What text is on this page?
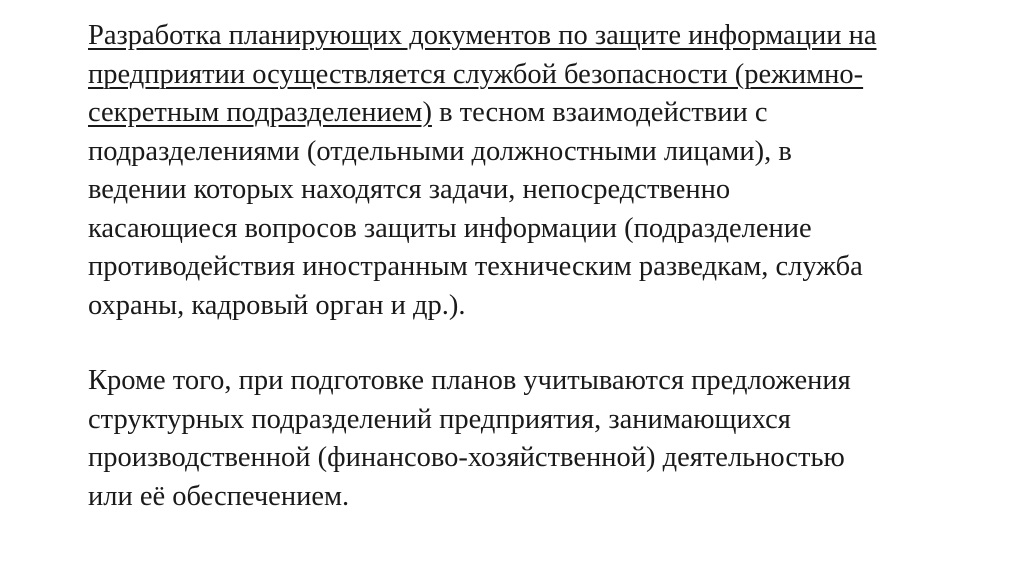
Разработка планирующих документов по защите информации на
предприятии осуществляется службой безопасности (режимно-
секретным подразделением) в тесном взаимодействии с
подразделениями (отдельными должностными лицами), в
ведении которых находятся задачи, непосредственно
касающиеся вопросов защиты информации (подразделение
противодействия иностранным техническим разведкам, служба
охраны, кадровый орган и др.).

Кроме того, при подготовке планов учитываются предложения
структурных подразделений предприятия, занимающихся
производственной (финансово-хозяйственной) деятельностью
или её обеспечением.
